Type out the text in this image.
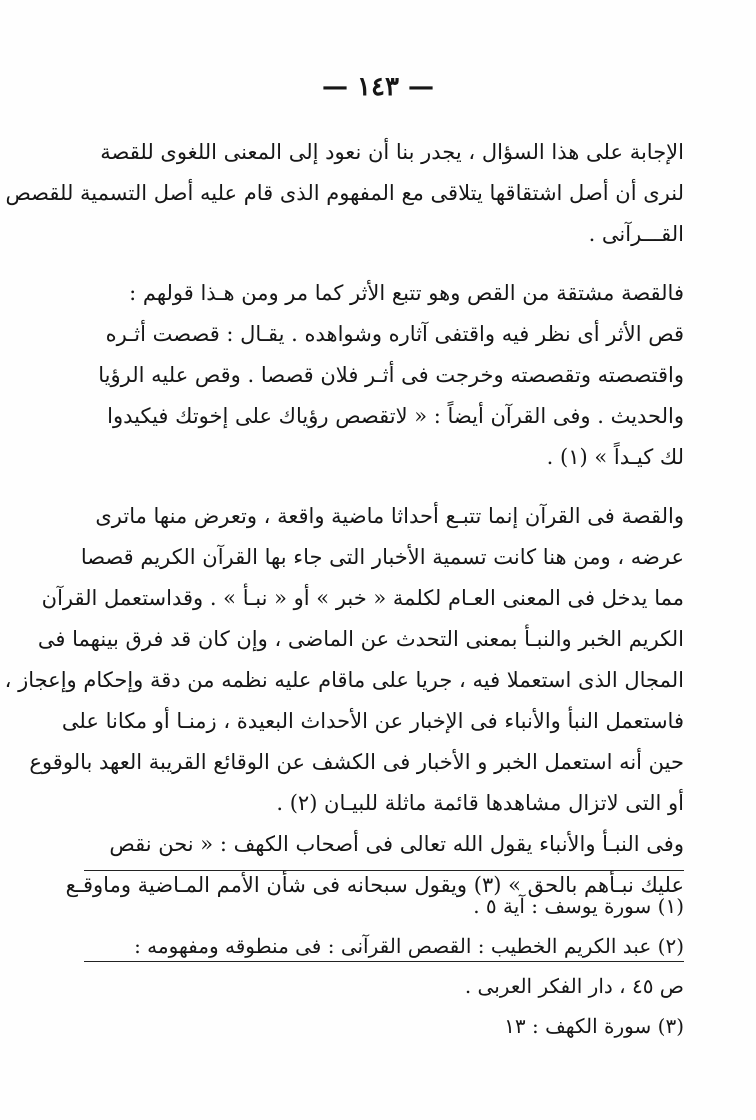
— ١٤٣ —
الإجابة على هذا السؤال ، يجدر بنا أن نعود إلى المعنى اللغوى للقصة
لنرى أن أصل اشتقاقها يتلاقى مع المفهوم الذى قام عليه أصل التسمية للقصص
القـــرآنى .
فالقصة مشتقة من القص وهو تتبع الأثر كما مر ومن هـذا قولهم :
قص الأثر أى نظر فيه واقتفى آثاره وشواهده . يقـال : قصصت أثـره
واقتصصته وتقصصته وخرجت فى أثـر فلان قصصا . وقص عليه الرؤيا
والحديث . وفى القرآن أيضاً : « لاتقصص رؤياك على إخوتك فيكيدوا
لك كيـداً » (١) .
والقصة فى القرآن إنما تتبـع أحداثا ماضية واقعة ، وتعرض منها ماترى
عرضه ، ومن هنا كانت تسمية الأخبار التى جاء بها القرآن الكريم قصصا
مما يدخل فى المعنى العـام لكلمة « خبر » أو « نبـأ » . وقداستعمل القرآن
الكريم الخبر والنبـأ بمعنى التحدث عن الماضى ، وإن كان قد فرق بينهما فى
المجال الذى استعملا فيه ، جريا على ماقام عليه نظمه من دقة وإحكام وإعجاز ،
فاستعمل النبأ والأنباء فى الإخبار عن الأحداث البعيدة ، زمنـا أو مكانا على
حين أنه استعمل الخبر و الأخبار فى الكشف عن الوقائع القريبة العهد بالوقوع
أو التى لاتزال مشاهدها قائمة ماثلة للبيـان (٢) .
وفى النبـأ والأنباء يقول الله تعالى فى أصحاب الكهف : « نحن نقص
عليك نبـأهم بالحق » (٣) ويقول سبحانه فى شأن الأمم المـاضية وماوقـع
(١) سورة يوسف : آية ٥ .
(٢) عبد الكريم الخطيب : القصص القرآنى : فى منطوقه ومفهومه :
ص ٤٥ ، دار الفكر العربى .
(٣) سورة الكهف : ١٣
